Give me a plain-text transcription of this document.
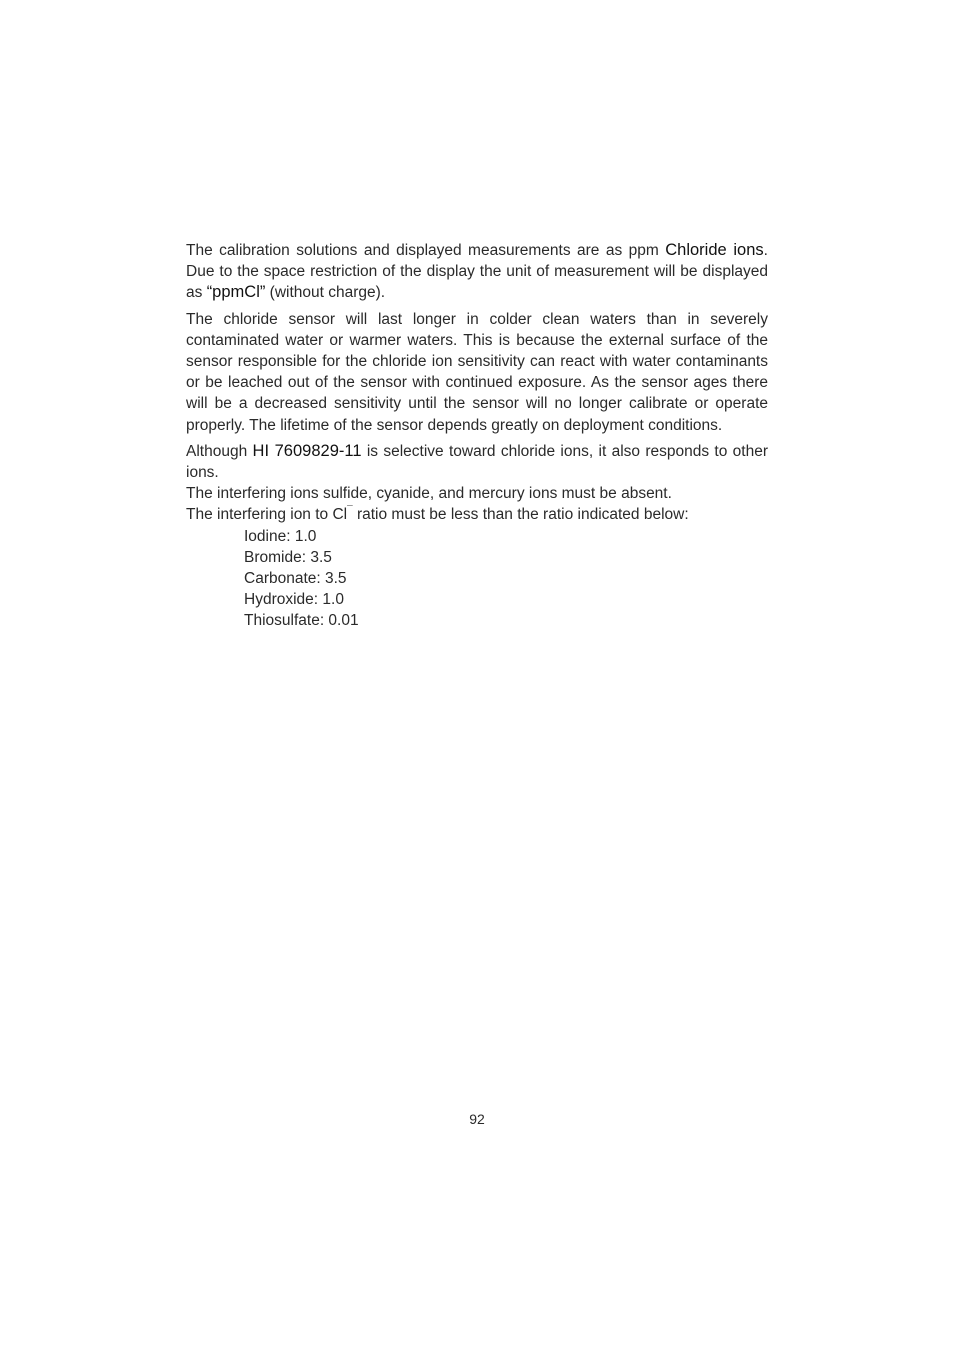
The calibration solutions and displayed measurements are as ppm Chloride ions. Due to the space restriction of the display the unit of measurement will be displayed as “ppmCl” (without charge).

The chloride sensor will last longer in colder clean waters than in severely contaminated water or warmer waters. This is because the external surface of the sensor responsible for the chloride ion sensitivity can react with water contaminants or be leached out of the sensor with continued exposure. As the sensor ages there will be a decreased sensitivity until the sensor will no longer calibrate or operate properly. The lifetime of the sensor depends greatly on deployment conditions.

Although HI 7609829-11 is selective toward chloride ions, it also responds to other ions.

The interfering ions sulfide, cyanide, and mercury ions must be absent.

The interfering ion to Cl¯ ratio must be less than the ratio indicated below:

Iodine: 1.0
Bromide: 3.5
Carbonate: 3.5
Hydroxide: 1.0
Thiosulfate: 0.01
92
